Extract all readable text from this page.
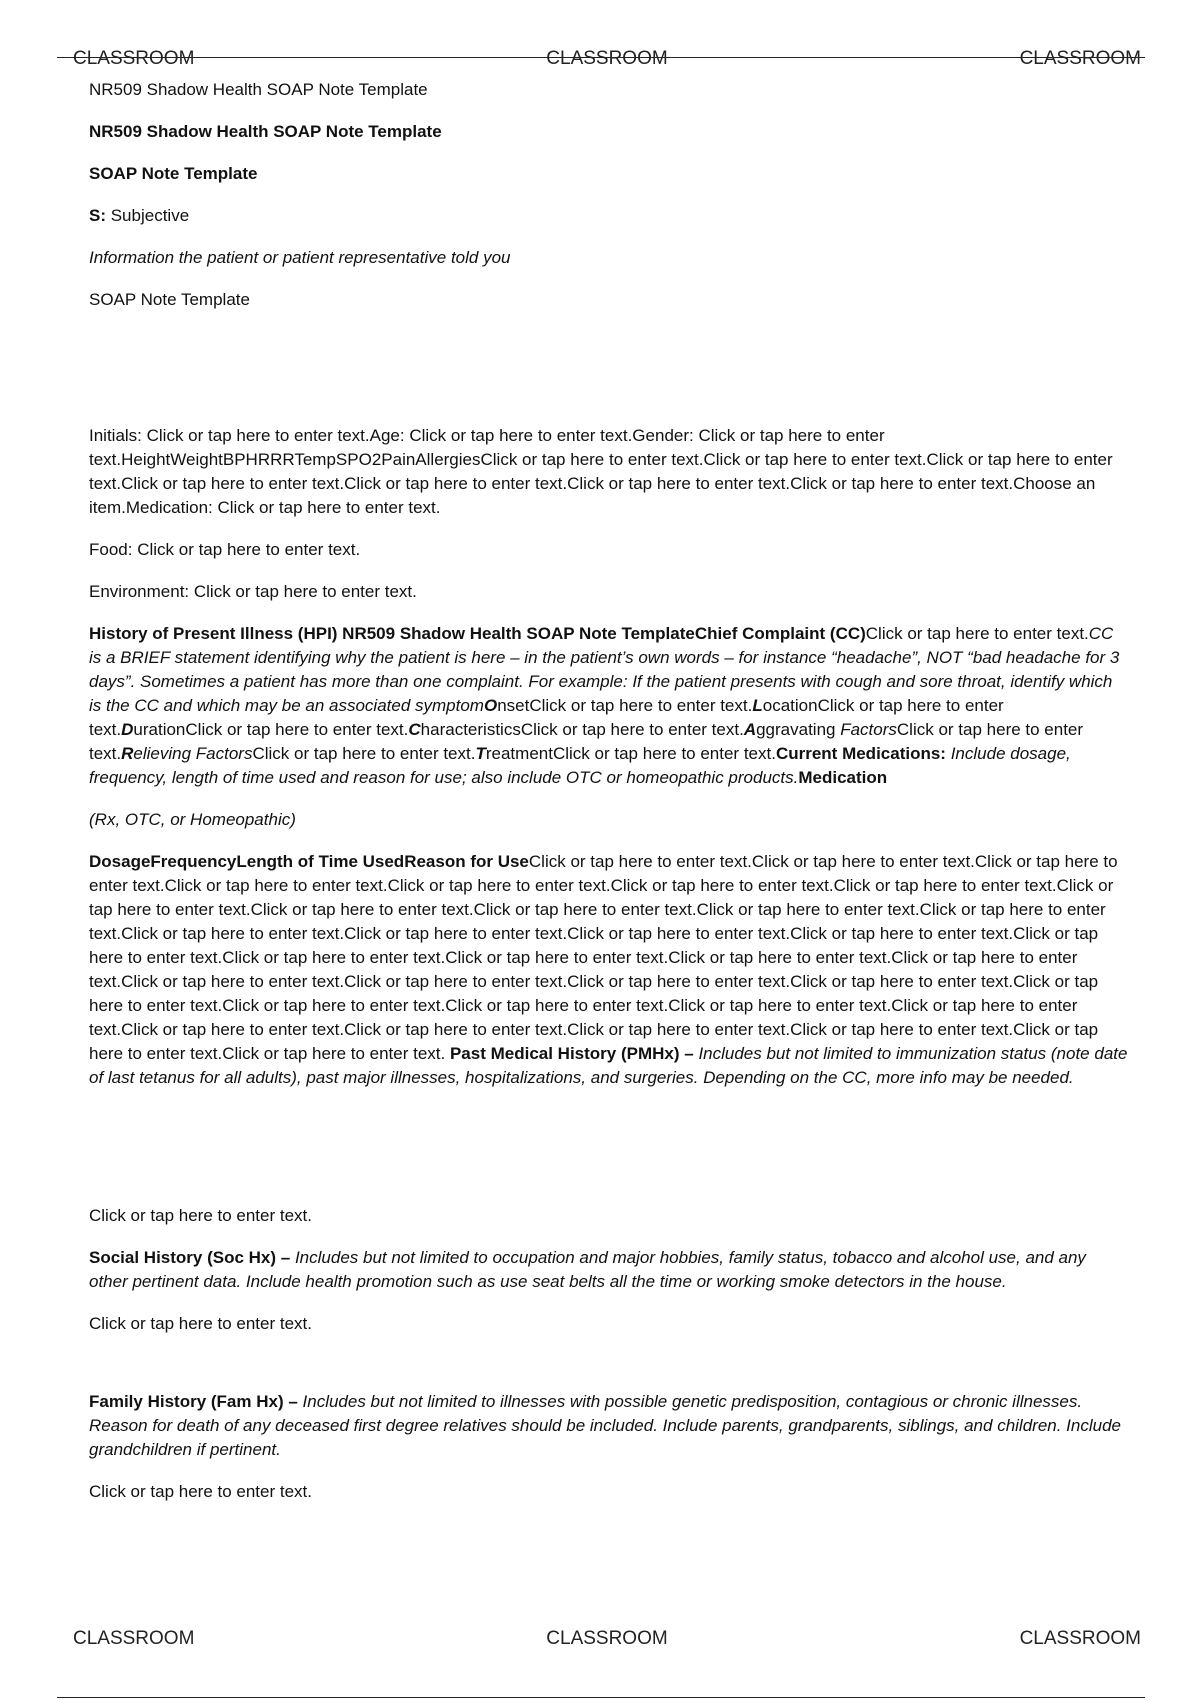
CLASSROOM	CLASSROOM	CLASSROOM

NR509 Shadow Health SOAP Note Template

NR509 Shadow Health SOAP Note Template

SOAP Note Template

S: Subjective

Information the patient or patient representative told you

SOAP Note Template

Initials: Click or tap here to enter text.Age: Click or tap here to enter text.Gender: Click or tap here to enter text.HeightWeightBPHRRRTempSPO2PainAllergiesClick or tap here to enter text.Click or tap here to enter text.Click or tap here to enter text.Click or tap here to enter text.Click or tap here to enter text.Click or tap here to enter text.Click or tap here to enter text.Choose an item.Medication: Click or tap here to enter text.

Food: Click or tap here to enter text.

Environment: Click or tap here to enter text.

History of Present Illness (HPI) NR509 Shadow Health SOAP Note TemplateChief Complaint (CC)Click or tap here to enter text.CC is a BRIEF statement identifying why the patient is here – in the patient’s own words – for instance “headache”, NOT “bad headache for 3 days”. Sometimes a patient has more than one complaint. For example: If the patient presents with cough and sore throat, identify which is the CC and which may be an associated symptomOnsetClick or tap here to enter text.LocationClick or tap here to enter text.DurationClick or tap here to enter text.CharacteristicsClick or tap here to enter text.Aggravating FactorsClick or tap here to enter text.Relieving FactorsClick or tap here to enter text.TreatmentClick or tap here to enter text.Current Medications: Include dosage, frequency, length of time used and reason for use; also include OTC or homeopathic products.Medication

(Rx, OTC, or Homeopathic)

DosageFrequencyLength of Time UsedReason for UseClick or tap here to enter text.Click or tap here to enter text.Click or tap here to enter text.Click or tap here to enter text.Click or tap here to enter text.Click or tap here to enter text.Click or tap here to enter text.Click or tap here to enter text.Click or tap here to enter text.Click or tap here to enter text.Click or tap here to enter text.Click or tap here to enter text.Click or tap here to enter text.Click or tap here to enter text.Click or tap here to enter text.Click or tap here to enter text.Click or tap here to enter text.Click or tap here to enter text.Click or tap here to enter text.Click or tap here to enter text.Click or tap here to enter text.Click or tap here to enter text.Click or tap here to enter text.Click or tap here to enter text.Click or tap here to enter text.Click or tap here to enter text.Click or tap here to enter text.Click or tap here to enter text.Click or tap here to enter text.Click or tap here to enter text.Click or tap here to enter text.Click or tap here to enter text.Click or tap here to enter text.Click or tap here to enter text.Click or tap here to enter text.Click or tap here to enter text. Past Medical History (PMHx) – Includes but not limited to immunization status (note date of last tetanus for all adults), past major illnesses, hospitalizations, and surgeries. Depending on the CC, more info may be needed.

Click or tap here to enter text.

Social History (Soc Hx) – Includes but not limited to occupation and major hobbies, family status, tobacco and alcohol use, and any other pertinent data. Include health promotion such as use seat belts all the time or working smoke detectors in the house.

Click or tap here to enter text.

Family History (Fam Hx) – Includes but not limited to illnesses with possible genetic predisposition, contagious or chronic illnesses. Reason for death of any deceased first degree relatives should be included. Include parents, grandparents, siblings, and children. Include grandchildren if pertinent.

Click or tap here to enter text.

CLASSROOM	CLASSROOM	CLASSROOM
